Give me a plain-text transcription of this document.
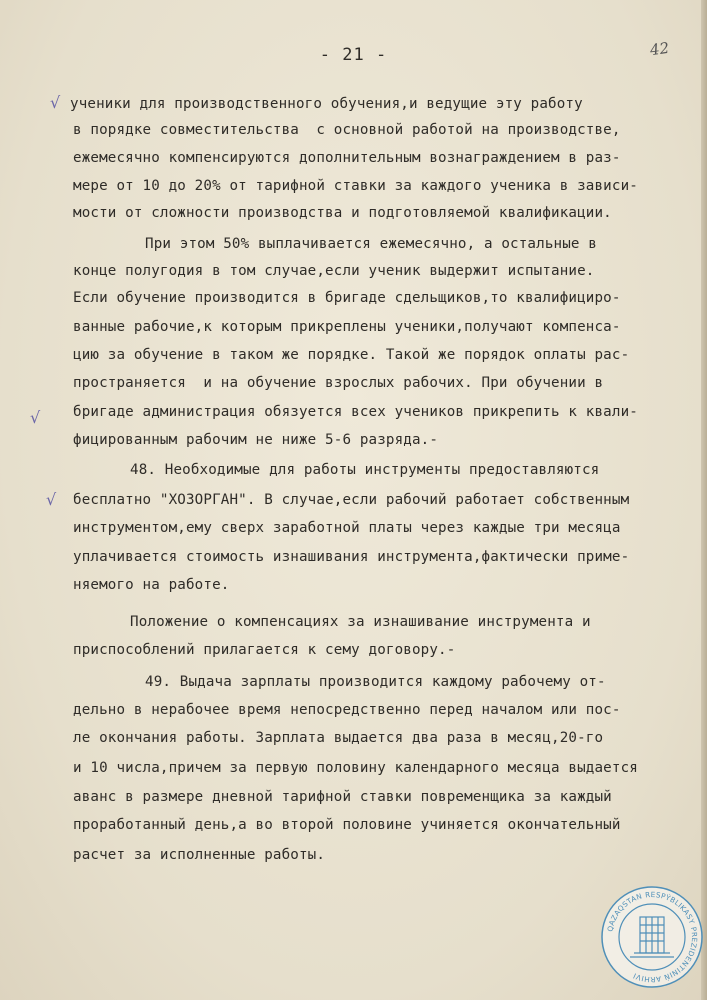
- 21 -	42
√
√
√
ученики для производственного обучения,и ведущие эту работу
в порядке совместительства  с основной работой на производстве,
ежемесячно компенсируются дополнительным вознаграждением в раз-
мере от 10 до 20% от тарифной ставки за каждого ученика в зависи-
мости от сложности производства и подготовляемой квалификации.
При этом 50% выплачивается ежемесячно, а остальные в
конце полугодия в том случае,если ученик выдержит испытание.
Если обучение производится в бригаде сдельщиков,то квалифициро-
ванные рабочие,к которым прикреплены ученики,получают компенса-
цию за обучение в таком же порядке. Такой же порядок оплаты рас-
пространяется  и на обучение взрослых рабочих. При обучении в
бригаде администрация обязуется всех учеников прикрепить к квали-
фицированным рабочим не ниже 5-6 разряда.-
48. Необходимые для работы инструменты предоставляются
бесплатно "ХОЗОРГАН". В случае,если рабочий работает собственным
инструментом,ему сверх заработной платы через каждые три месяца
уплачивается стоимость изнашивания инструмента,фактически приме-
няемого на работе.
Положение о компенсациях за изнашивание инструмента и
приспособлений прилагается к сему договору.-
49. Выдача зарплаты производится каждому рабочему от-
дельно в нерабочее время непосредственно перед началом или пос-
ле окончания работы. Зарплата выдается два раза в месяц,20-го
и 10 числа,причем за первую половину календарного месяца выдается
аванс в размере дневной тарифной ставки повременщика за каждый
проработанный день,а во второй половине учиняется окончательный
расчет за исполненные работы.
QAZAQSTAN RESPÝBLIKASY PREZIDENTINIŃ ARHIVI
